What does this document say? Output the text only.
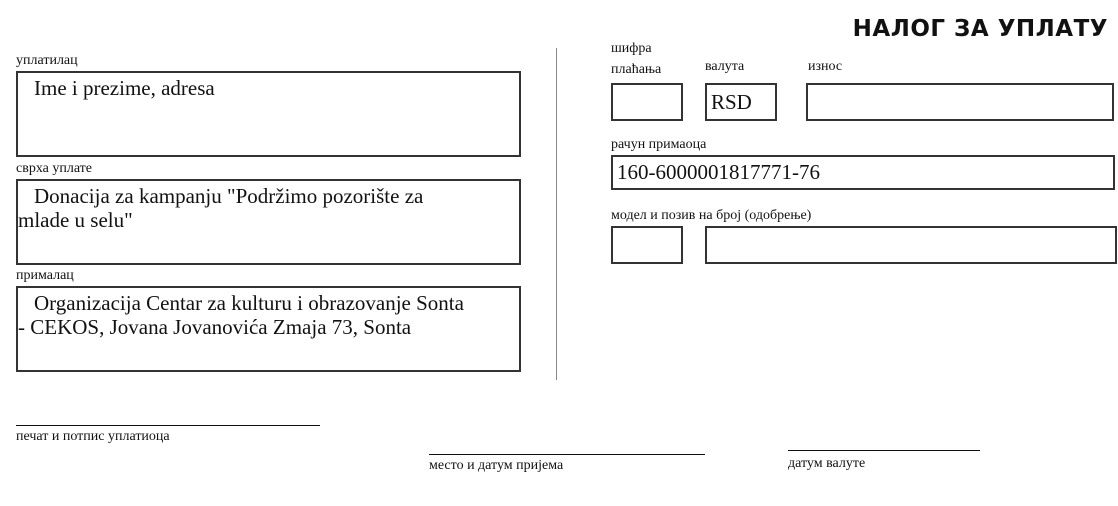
НАЛОГ ЗА УПЛАТУ
уплатилац
Ime i prezime, adresa
сврха уплате
Donacija za kampanju "Podržimo pozorište za
mlade u selu"
прималац
Organizacija Centar za kulturu i obrazovanje Sonta
- CEKOS, Jovana Jovanovića Zmaja 73, Sonta
шифра
плаћања	валута
RSD
износ
рачун примаоца
160-6000001817771-76
модел и позив на број (одобрење)
печат и потпис уплатиоца
место и датум пријема	датум валуте
